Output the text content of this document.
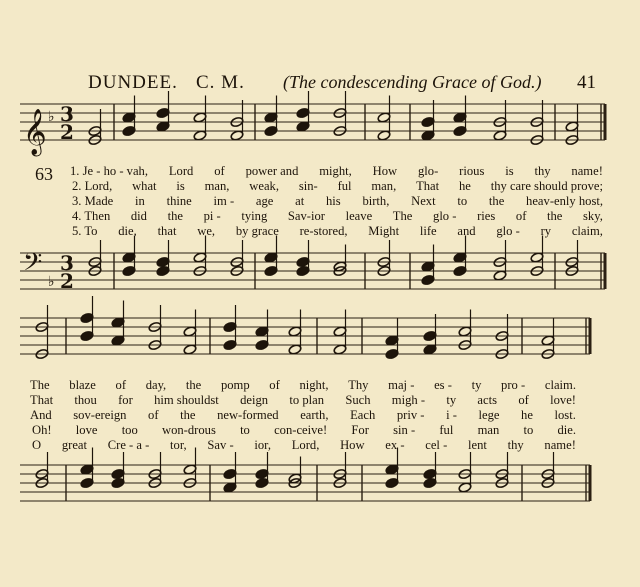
DUNDEE. C. M. (The condescending Grace of God.) 41
𝄞 ♭ 3
2
63 1. Je - ho - vah, Lord of power and might, How glo- rious is thy name!
2. Lord, what is man, weak, sin- ful man, That he thy care should prove;
3. Made in thine im - age at his birth, Next to the heav-enly host,
4. Then did the pi - tying Sav-ior leave The glo - ries of the sky,
5. To die, that we, by grace re-stored, Might life and glo - ry claim,
𝄢 ♭
3
2
The blaze of day, the pomp of night, Thy maj - es - ty pro - claim.
That thou for him shouldst deign to plan Such migh - ty acts of love!
And sov-ereign of the new-formed earth, Each priv - i - lege he lost.
Oh! love too won-drous to con-ceive! For sin - ful man to die.
O great Cre - a - tor, Sav - ior, Lord, How ex - cel - lent thy name!
